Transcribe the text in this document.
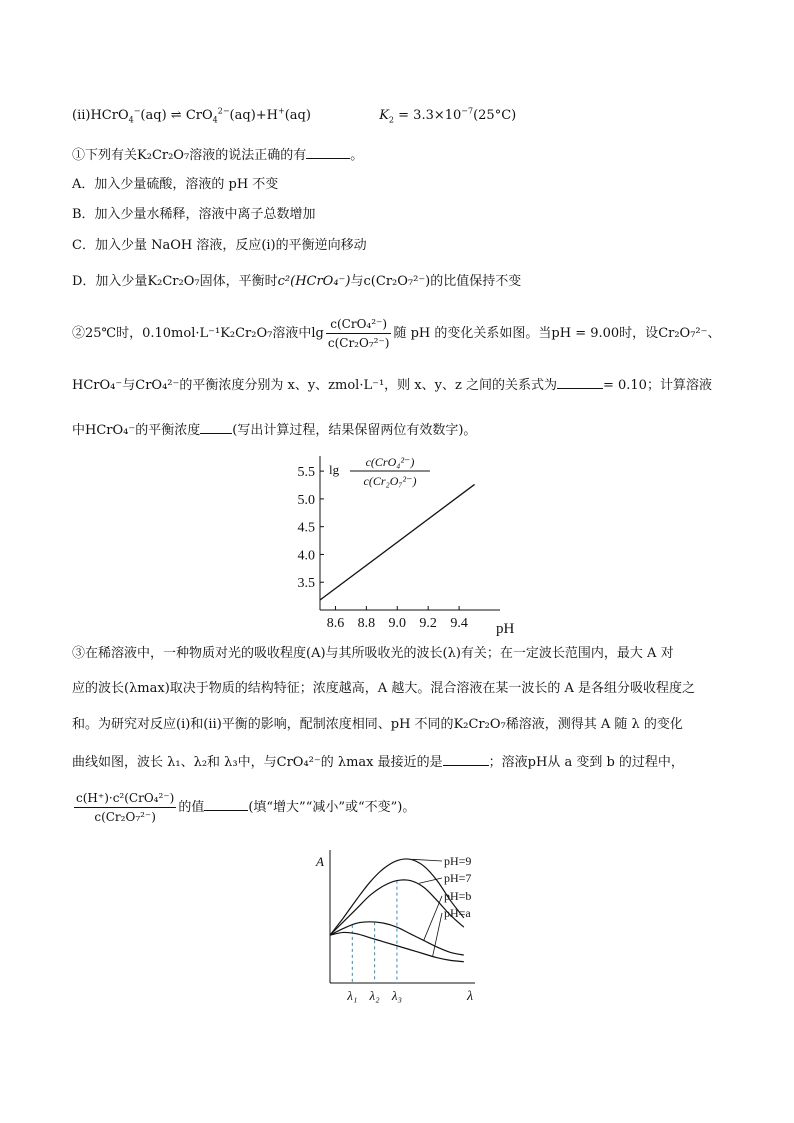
(ⅱ)HCrO$_4$−(aq) ⇌ CrO$_4^{2-}$(aq)+H+(aq)	$K_2 = 3.3\times 10^{-7}(25^\circ C)$
①下列有关K₂Cr₂O₇溶液的说法正确的有	。
A．加入少量硫酸，溶液的 pH 不变
B．加入少量水稀释，溶液中离子总数增加
C．加入少量 NaOH 溶液，反应(ⅰ)的平衡逆向移动
D．加入少量K₂Cr₂O₇固体，平衡时c²(HCrO₄⁻)与c(Cr₂O₇²⁻)的比值保持不变
②25℃时，0.10mol·L⁻¹K₂Cr₂O₇溶液中$\lg \frac{\text{c(CrO₄²⁻)}}{\text{c(Cr₂O₇²⁻)}}$ 随 pH 的变化关系如图。当pH = 9.00时，设Cr₂O₇²⁻、
HCrO₄⁻与CrO₄²⁻的平衡浓度分别为 x、y、zmol·L⁻¹，则 x、y、z 之间的关系式为	= 0.10；计算溶液
中HCrO₄⁻的平衡浓度 (写出计算过程，结果保留两位有效数字)。
8.6 8.8 9.0 9.2 9.4
3.5
4.0
4.5
5.0
5.5
pH
lg c(CrO₄²⁻)
c(Cr₂O₇²⁻)
③在稀溶液中，一种物质对光的吸收程度(A)与其所吸收光的波长(λ)有关；在一定波长范围内，最大 A 对
应的波长(λmax)取决于物质的结构特征；浓度越高，A 越大。混合溶液在某一波长的 A 是各组分吸收程度之
和。为研究对反应(ⅰ)和(ⅱ)平衡的影响，配制浓度相同、pH 不同的K₂Cr₂O₇稀溶液，测得其 A 随 λ 的变化
曲线如图，波长 λ₁、λ₂和 λ₃中，与CrO₄²⁻的 λmax 最接近的是	；溶液pH从 a 变到 b 的过程中，
$\frac{\text{c(H⁺)·c²(CrO₄²⁻)}}{\text{c(Cr₂O₇²⁻)}}$ 的值	(填“增大”“减小”或“不变”)。
A
λ
λ₁ λ₂ λ₃
pH=9
pH=7
pH=b
pH=a
